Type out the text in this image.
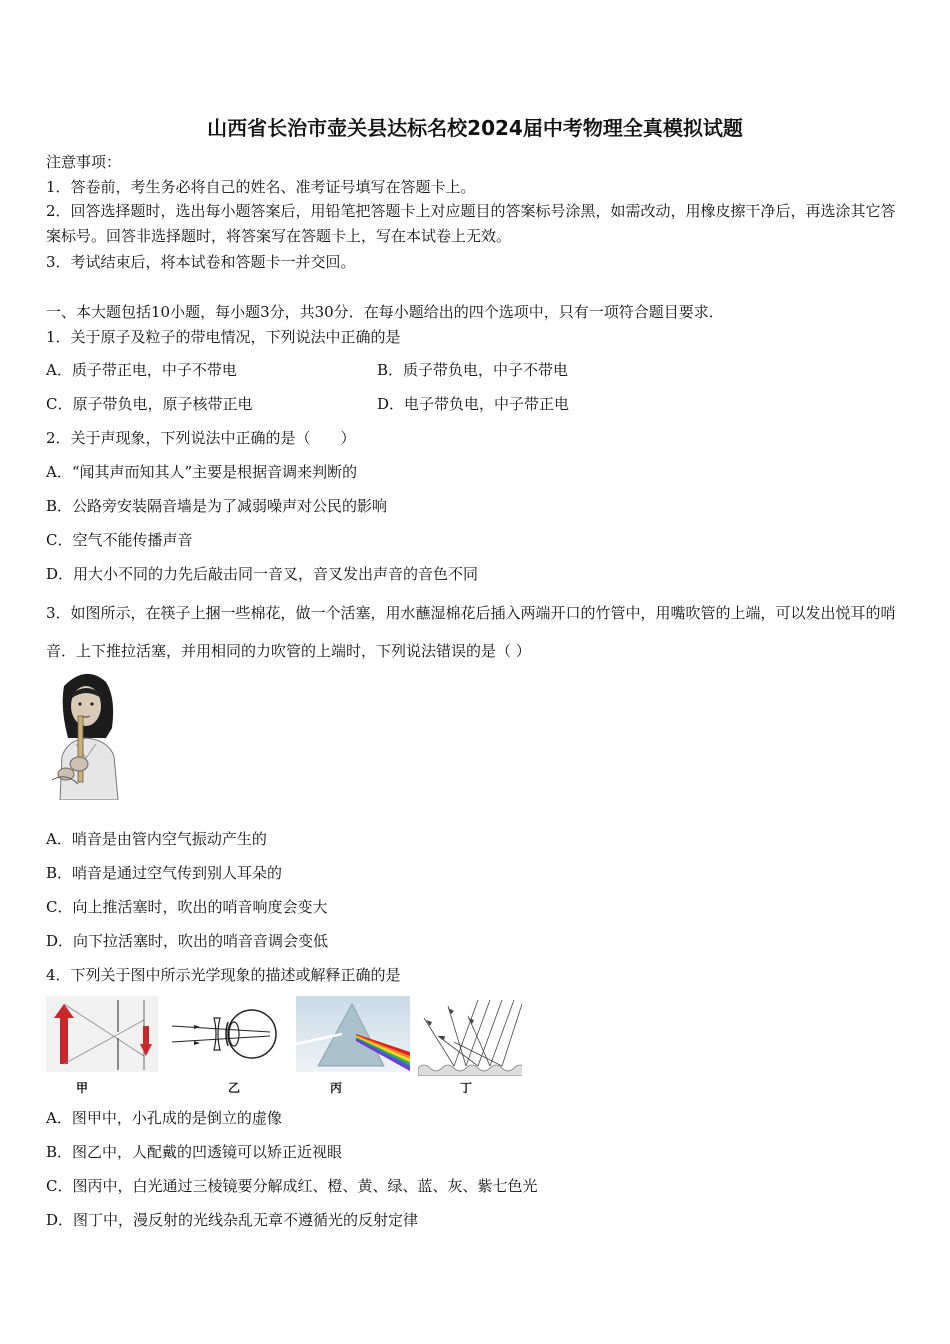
山西省长治市壶关县达标名校2024届中考物理全真模拟试题
注意事项：
1．答卷前，考生务必将自己的姓名、准考证号填写在答题卡上。
2．回答选择题时，选出每小题答案后，用铅笔把答题卡上对应题目的答案标号涂黑，如需改动，用橡皮擦干净后，再选涂其它答案标号。回答非选择题时，将答案写在答题卡上，写在本试卷上无效。
3．考试结束后，将本试卷和答题卡一并交回。
一、本大题包括10小题，每小题3分，共30分．在每小题给出的四个选项中，只有一项符合题目要求．
1．关于原子及粒子的带电情况，下列说法中正确的是
A．质子带正电，中子不带电	B．质子带负电，中子不带电
C．原子带负电，原子核带正电	D．电子带负电，中子带正电
2．关于声现象，下列说法中正确的是（　　）
A．“闻其声而知其人”主要是根据音调来判断的
B．公路旁安装隔音墙是为了减弱噪声对公民的影响
C．空气不能传播声音
D．用大小不同的力先后敲击同一音叉，音叉发出声音的音色不同
3．如图所示，在筷子上捆一些棉花，做一个活塞，用水蘸湿棉花后插入两端开口的竹管中，用嘴吹管的上端，可以发出悦耳的哨音．上下推拉活塞，并用相同的力吹管的上端时，下列说法错误的是（ ）
A．哨音是由管内空气振动产生的
B．哨音是通过空气传到别人耳朵的
C．向上推活塞时，吹出的哨音响度会变大
D．向下拉活塞时，吹出的哨音音调会变低
4．下列关于图中所示光学现象的描述或解释正确的是
甲	乙	丙	丁
A．图甲中，小孔成的是倒立的虚像
B．图乙中，人配戴的凹透镜可以矫正近视眼
C．图丙中，白光通过三棱镜要分解成红、橙、黄、绿、蓝、灰、紫七色光
D．图丁中，漫反射的光线杂乱无章不遵循光的反射定律
